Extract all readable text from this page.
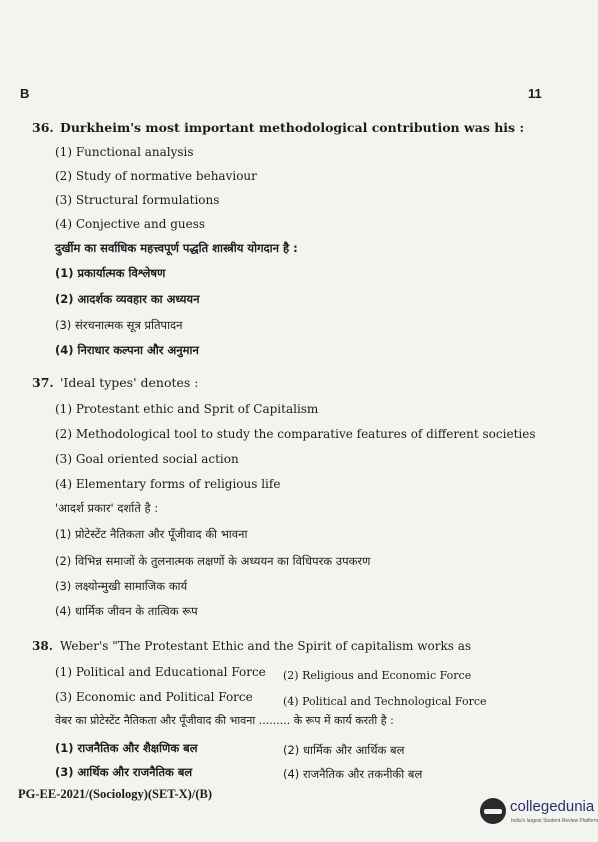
B	11
36. Durkheim's most important methodological contribution was his :
(1) Functional analysis
(2) Study of normative behaviour
(3) Structural formulations
(4) Conjective and guess
दुर्खीम का सर्वाधिक महत्त्वपूर्ण पद्धति शास्त्रीय योगदान है :
(1) प्रकार्यात्मक विश्लेषण
(2) आदर्शक व्यवहार का अध्ययन
(3) संरचनात्मक सूत्र प्रतिपादन
(4) निराधार कल्पना और अनुमान
37. 'Ideal types' denotes :
(1) Protestant ethic and Sprit of Capitalism
(2) Methodological tool to study the comparative features of different societies
(3) Goal oriented social action
(4) Elementary forms of religious life
'आदर्श प्रकार' दर्शाते है :
(1) प्रोटेस्टेंट नैतिकता और पूँजीवाद की भावना
(2) विभिन्न समाजों के तुलनात्मक लक्षणों के अध्ययन का विधिपरक उपकरण
(3) लक्ष्योन्मुखी सामाजिक कार्य
(4) धार्मिक जीवन के तात्विक रूप
38. Weber's "The Protestant Ethic and the Spirit of capitalism works as
(1) Political and Educational Force (2) Religious and Economic Force
(3) Economic and Political Force	(4) Political and Technological Force
वेबर का प्रोटेस्टेंट नैतिकता और पूँजीवाद की भावना ......... के रूप में कार्य करती है :
(1) राजनैतिक और शैक्षणिक बल	(2) धार्मिक और आर्थिक बल
(3) आर्थिक और राजनैतिक बल	(4) राजनैतिक और तकनीकी बल
PG-EE-2021/(Sociology)(SET-X)/(B)
collegedunia
India's largest Student Review Platform
